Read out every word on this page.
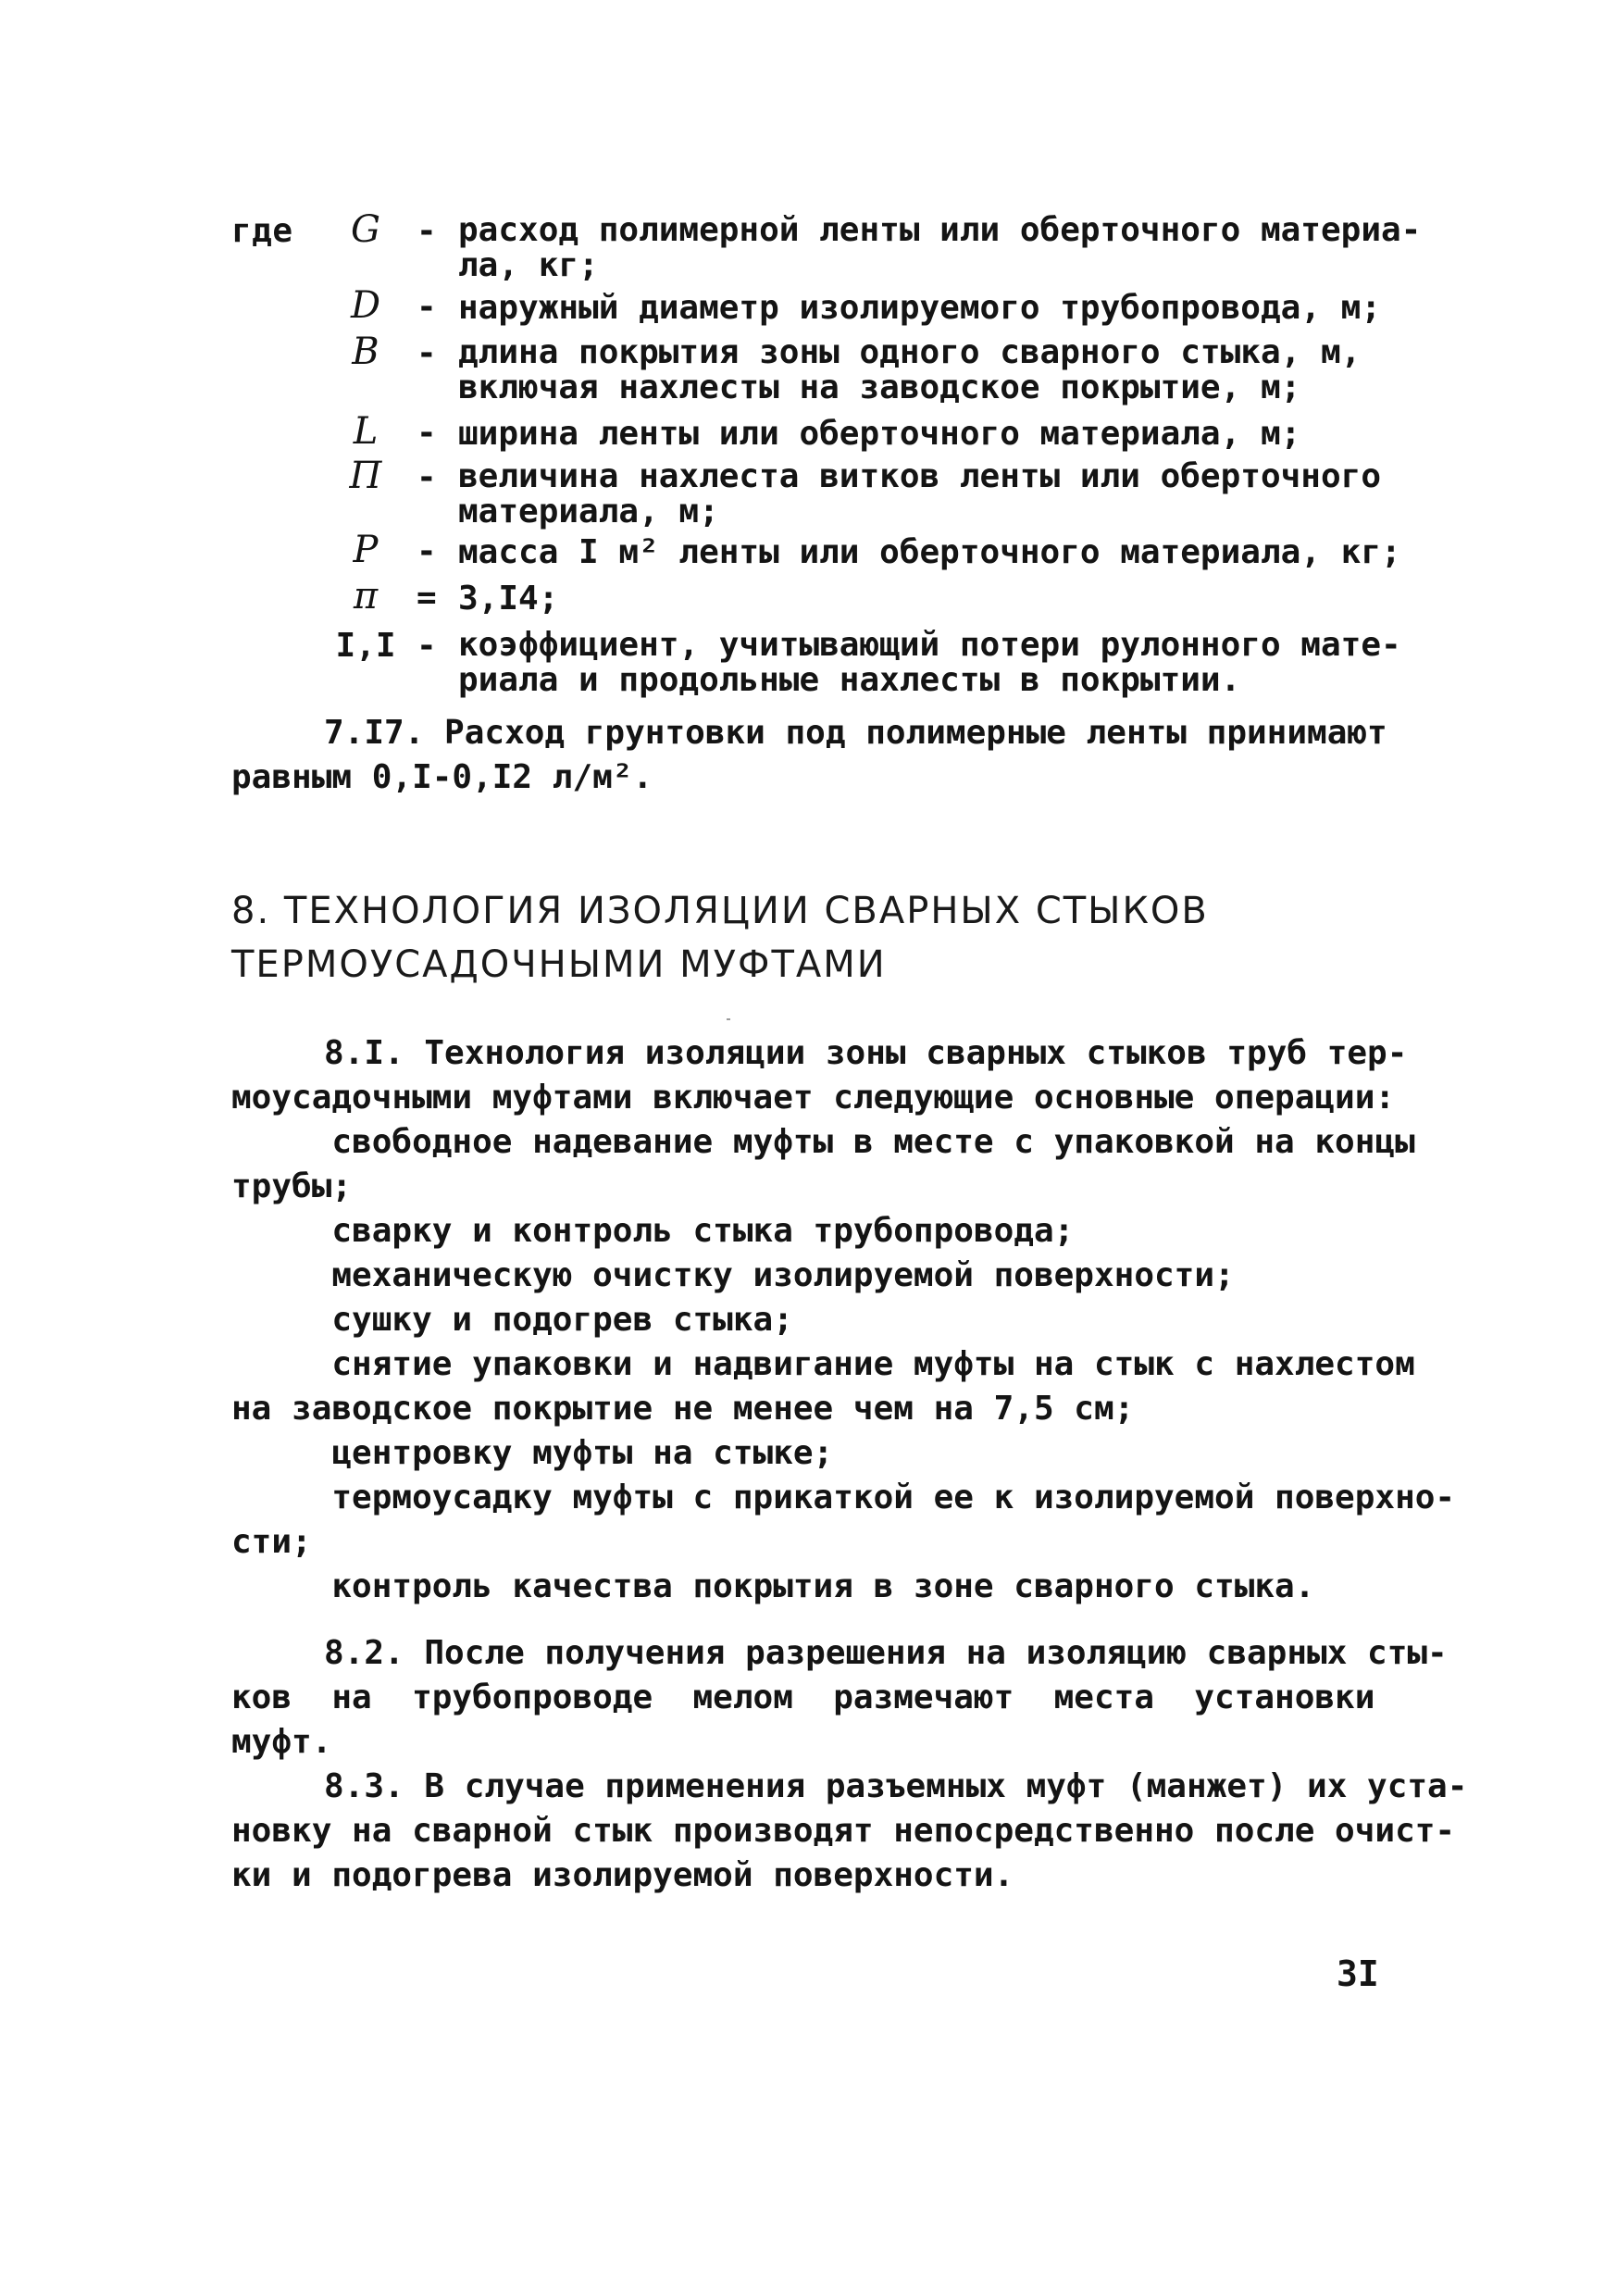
где	G	- расход полимерной ленты или оберточного материа-
ла, кг;
D	- наружный диаметр изолируемого трубопровода, м;
B	- длина покрытия зоны одного сварного стыка, м,
включая нахлесты на заводское покрытие, м;
L	- ширина ленты или оберточного материала, м;
П	- величина нахлеста витков ленты или оберточного
материала, м;
P	- масса I м² ленты или оберточного материала, кг;
π	= 3,I4;
I,I - коэффициент, учитывающий потери рулонного мате-
риала и продольные нахлесты в покрытии.
7.I7. Расход грунтовки под полимерные ленты принимают
равным 0,I-0,I2 л/м².
8. ТЕХНОЛОГИЯ ИЗОЛЯЦИИ СВАРНЫХ СТЫКОВ
ТЕРМОУСАДОЧНЫМИ МУФТАМИ
8.I. Технология изоляции зоны сварных стыков труб тер-
моусадочными муфтами включает следующие основные операции:
свободное надевание муфты в месте с упаковкой на концы
трубы;
сварку и контроль стыка трубопровода;
механическую очистку изолируемой поверхности;
сушку и подогрев стыка;
снятие упаковки и надвигание муфты на стык с нахлестом
на заводское покрытие не менее чем на 7,5 см;
центровку муфты на стыке;
термоусадку муфты с прикаткой ее к изолируемой поверхно-
сти;
контроль качества покрытия в зоне сварного стыка.
8.2. После получения разрешения на изоляцию сварных сты-
ков  на  трубопроводе  мелом  размечают  места  установки
муфт.
8.3. В случае применения разъемных муфт (манжет) их уста-
новку на сварной стык производят непосредственно после очист-
ки и подогрева изолируемой поверхности.
3I
